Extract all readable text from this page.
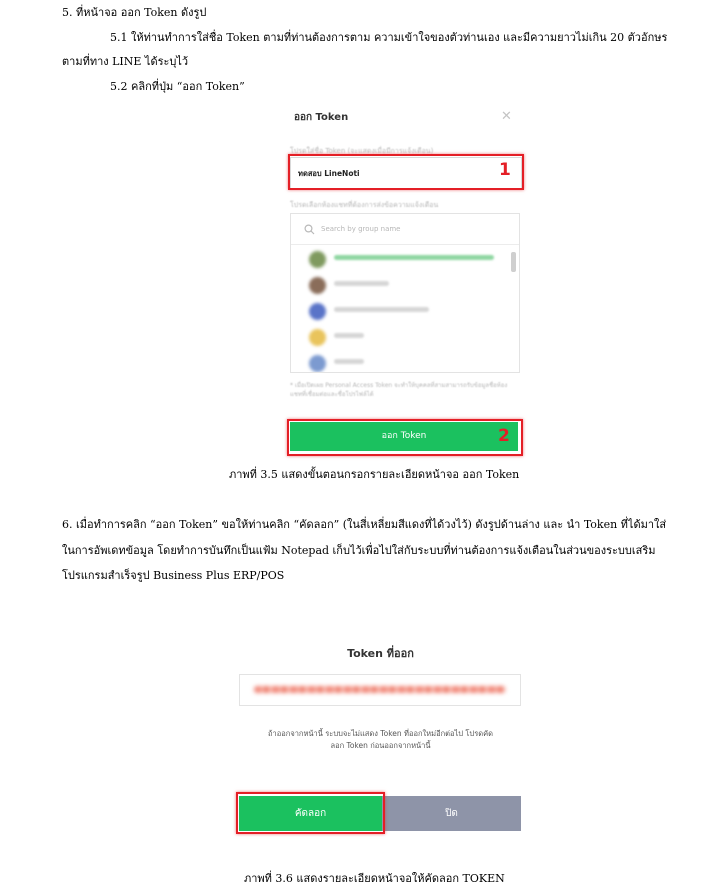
5. ที่หน้าจอ ออก Token ดังรูป
5.1 ให้ท่านทำการใส่ชื่อ Token ตามที่ท่านต้องการตาม ความเข้าใจของตัวท่านเอง และมีความยาวไม่เกิน 20 ตัวอักษร
ตามที่ทาง LINE ได้ระบุไว้
5.2 คลิกที่ปุ่ม “ออก Token”
ออก Token	✕
โปรดใส่ชื่อ Token (จะแสดงเมื่อมีการแจ้งเตือน)
ทดสอบ LineNoti	1
โปรดเลือกห้องแชทที่ต้องการส่งข้อความแจ้งเตือน
Search by group name
* เมื่อเปิดเผย Personal Access Token จะทำให้บุคคลที่สามสามารถรับข้อมูลชื่อห้องแชทที่เชื่อมต่อและชื่อโปรไฟล์ได้
ออก Token	2
ภาพที่ 3.5 แสดงขั้นตอนกรอกรายละเอียดหน้าจอ ออก Token
6. เมื่อทำการคลิก “ออก Token” ขอให้ท่านคลิก “คัดลอก” (ในสี่เหลี่ยมสีแดงที่ได้วงไว้) ดังรูปด้านล่าง และ นำ Token ที่ได้มาใส่
ในการอัพเดทข้อมูล โดยทำการบันทึกเป็นแฟ้ม Notepad เก็บไว้เพื่อไปใส่กับระบบที่ท่านต้องการแจ้งเตือนในส่วนของระบบเสริม
โปรแกรมสำเร็จรูป Business Plus ERP/POS
Token ที่ออก
ถ้าออกจากหน้านี้ ระบบจะไม่แสดง Token ที่ออกใหม่อีกต่อไป โปรดคัด
ลอก Token ก่อนออกจากหน้านี้
คัดลอก	ปิด
ภาพที่ 3.6 แสดงรายละเอียดหน้าจอให้คัดลอก TOKEN
